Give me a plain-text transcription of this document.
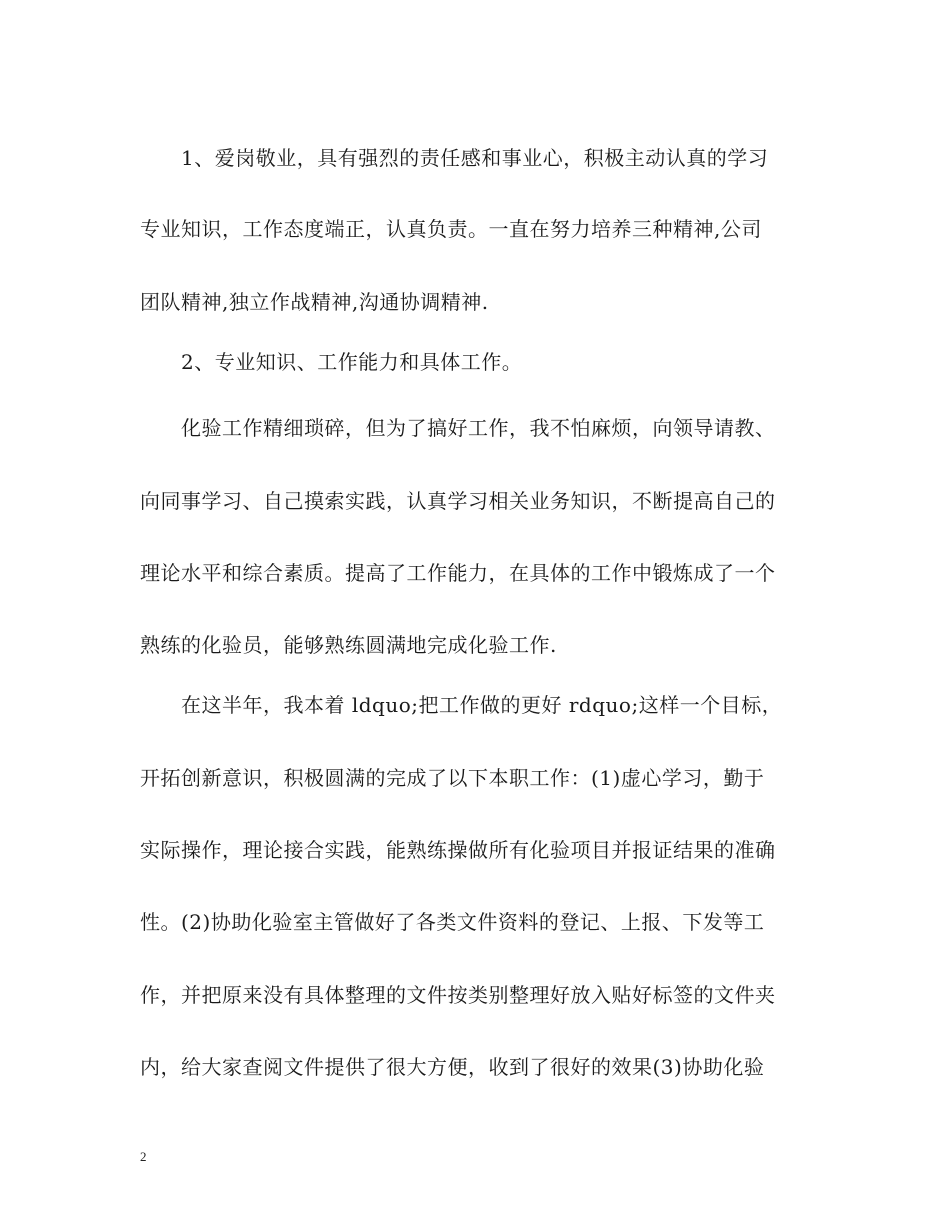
1、爱岗敬业，具有强烈的责任感和事业心，积极主动认真的学习
专业知识，工作态度端正，认真负责。一直在努力培养三种精神,公司
团队精神,独立作战精神,沟通协调精神.
2、专业知识、工作能力和具体工作。
化验工作精细琐碎，但为了搞好工作，我不怕麻烦，向领导请教、
向同事学习、自己摸索实践，认真学习相关业务知识，不断提高自己的
理论水平和综合素质。提高了工作能力，在具体的工作中锻炼成了一个
熟练的化验员，能够熟练圆满地完成化验工作.
在这半年，我本着 ldquo;把工作做的更好 rdquo;这样一个目标，
开拓创新意识，积极圆满的完成了以下本职工作：(1)虚心学习，勤于
实际操作，理论接合实践，能熟练操做所有化验项目并报证结果的准确
性。(2)协助化验室主管做好了各类文件资料的登记、上报、下发等工
作，并把原来没有具体整理的文件按类别整理好放入贴好标签的文件夹
内，给大家查阅文件提供了很大方便，收到了很好的效果(3)协助化验
2
